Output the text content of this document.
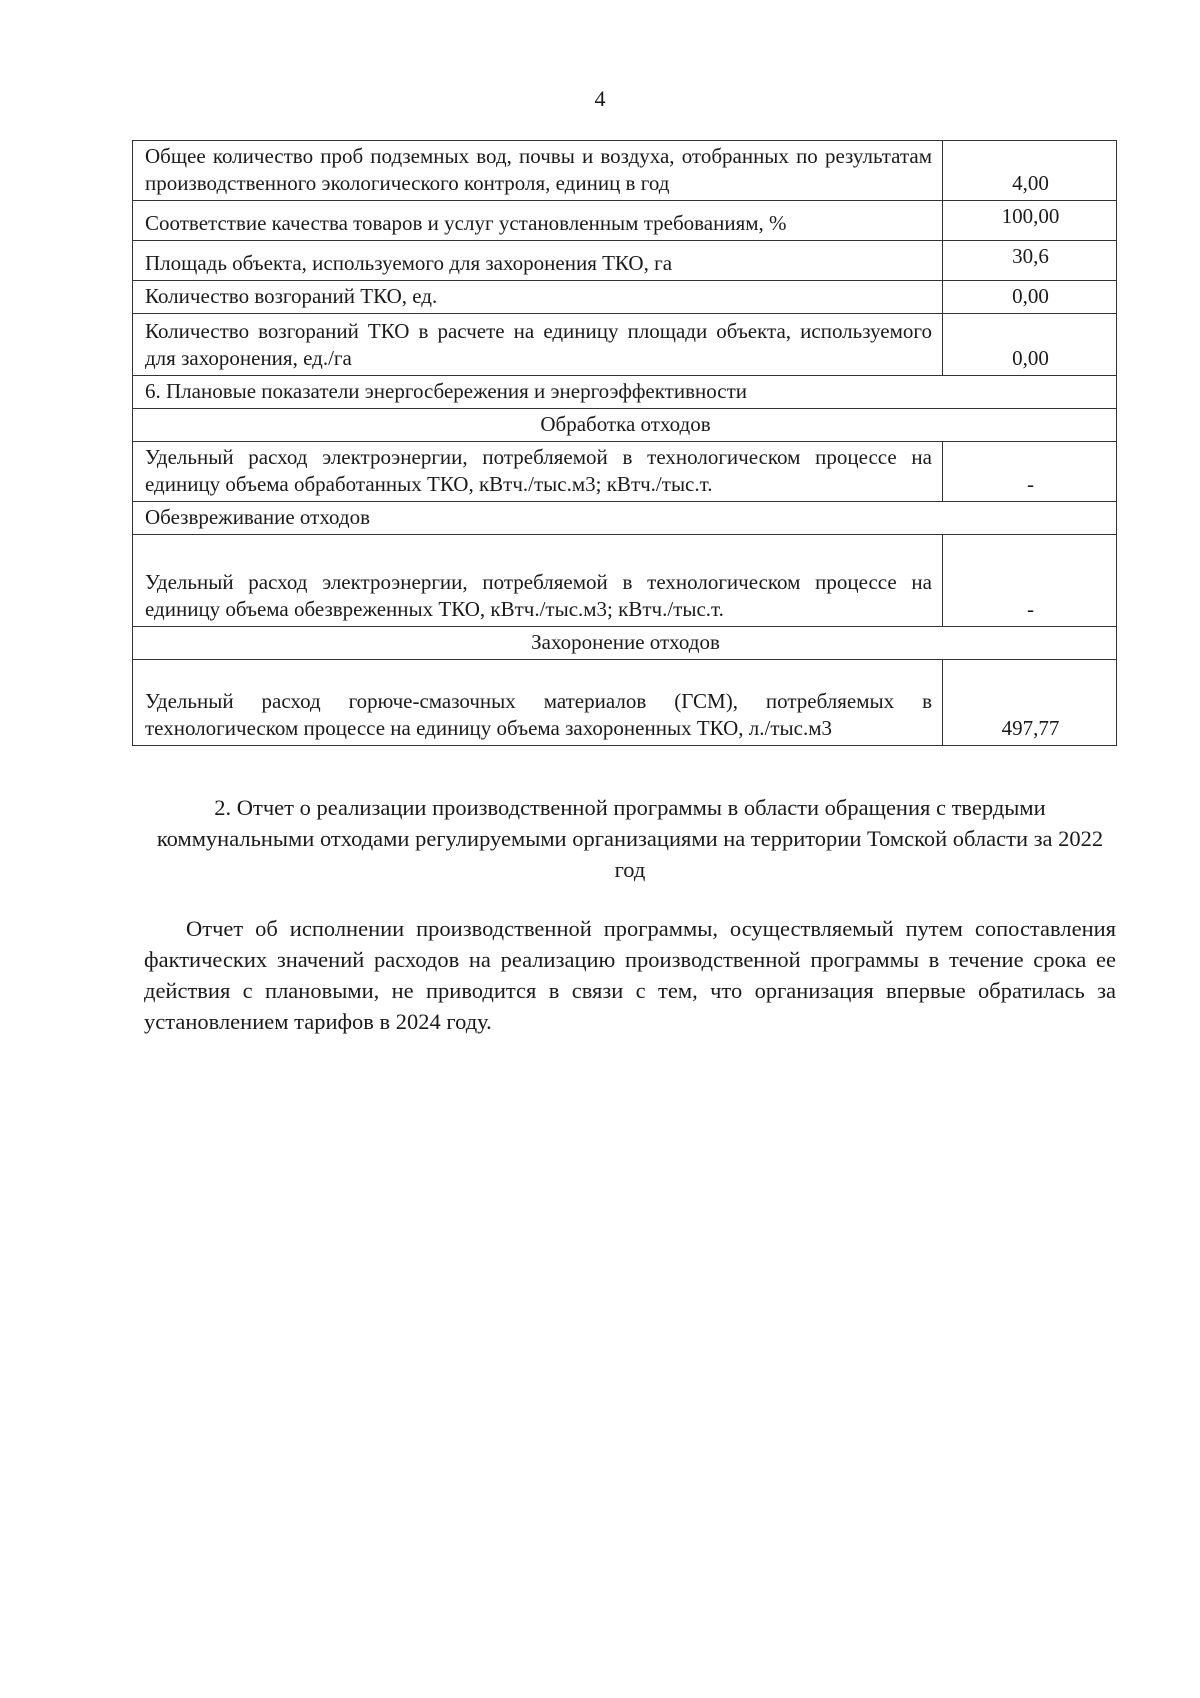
4
Общее количество проб подземных вод, почвы и воздуха, отобранных по результатам производственного экологического контроля, единиц в год	4,00
Соответствие качества товаров и услуг установленным требованиям, %	100,00
Площадь объекта, используемого для захоронения ТКО, га	30,6
Количество возгораний ТКО, ед.	0,00
Количество возгораний ТКО в расчете на единицу площади объекта, используемого для захоронения, ед./га	0,00
6. Плановые показатели энергосбережения и энергоэффективности	
Обработка отходов	
Удельный расход электроэнергии, потребляемой в технологическом процессе на единицу объема обработанных ТКО, кВтч./тыс.м3; кВтч./тыс.т.	-
Обезвреживание отходов	
Удельный расход электроэнергии, потребляемой в технологическом процессе на единицу объема обезвреженных ТКО, кВтч./тыс.м3; кВтч./тыс.т.	-
Захоронение отходов	
Удельный расход горюче-смазочных материалов (ГСМ), потребляемых в технологическом процессе на единицу объема захороненных ТКО, л./тыс.м3	497,77
2. Отчет о реализации производственной программы в области обращения с твердыми коммунальными отходами регулируемыми организациями на территории Томской области за 2022 год
Отчет об исполнении производственной программы, осуществляемый путем сопоставления фактических значений расходов на реализацию производственной программы в течение срока ее действия с плановыми, не приводится в связи с тем, что организация впервые обратилась за установлением тарифов в 2024 году.
